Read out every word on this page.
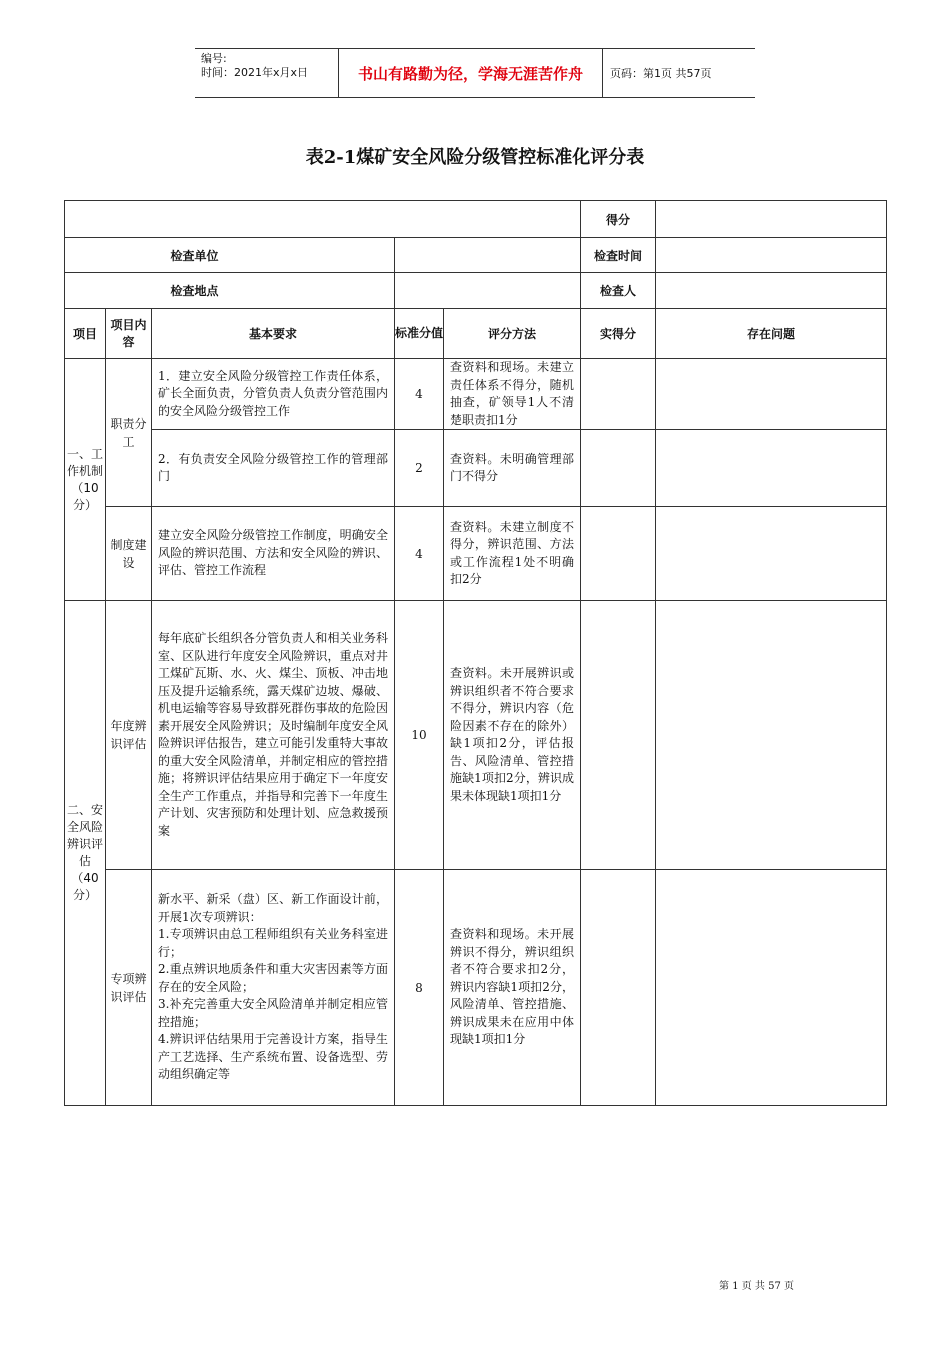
编号:
时间：2021年x月x日	书山有路勤为径，学海无涯苦作舟	页码：第1页 共57页
表2-1煤矿安全风险分级管控标准化评分表
					得分	
检查单位					检查时间	
检查地点					检查人	
项目	项目内容	基本要求	标准分值	评分方法	实得分	存在问题
一、工作机制（10分）	职责分工	1．建立安全风险分级管控工作责任体系，矿长全面负责，分管负责人负责分管范围内的安全风险分级管控工作	4	查资料和现场。未建立责任体系不得分，随机抽查，矿领导1人不清楚职责扣1分		
		2．有负责安全风险分级管控工作的管理部门	2	查资料。未明确管理部门不得分		
	制度建设	建立安全风险分级管控工作制度，明确安全风险的辨识范围、方法和安全风险的辨识、评估、管控工作流程	4	查资料。未建立制度不得分，辨识范围、方法或工作流程1处不明确扣2分		
二、安全风险辨识评估（40分）	年度辨识评估	每年底矿长组织各分管负责人和相关业务科室、区队进行年度安全风险辨识，重点对井工煤矿瓦斯、水、火、煤尘、顶板、冲击地压及提升运输系统，露天煤矿边坡、爆破、机电运输等容易导致群死群伤事故的危险因素开展安全风险辨识；及时编制年度安全风险辨识评估报告，建立可能引发重特大事故的重大安全风险清单，并制定相应的管控措施；将辨识评估结果应用于确定下一年度安全生产工作重点，并指导和完善下一年度生产计划、灾害预防和处理计划、应急救援预案	10	查资料。未开展辨识或辨识组织者不符合要求不得分，辨识内容（危险因素不存在的除外）缺1项扣2分，评估报告、风险清单、管控措施缺1项扣2分，辨识成果未体现缺1项扣1分		
	专项辨识评估	新水平、新采（盘）区、新工作面设计前，开展1次专项辨识：
1.专项辨识由总工程师组织有关业务科室进行；
2.重点辨识地质条件和重大灾害因素等方面存在的安全风险；
3.补充完善重大安全风险清单并制定相应管控措施；
4.辨识评估结果用于完善设计方案，指导生产工艺选择、生产系统布置、设备选型、劳动组织确定等	8	查资料和现场。未开展辨识不得分，辨识组织者不符合要求扣2分，辨识内容缺1项扣2分，风险清单、管控措施、辨识成果未在应用中体现缺1项扣1分		
第 1 页 共 57 页
